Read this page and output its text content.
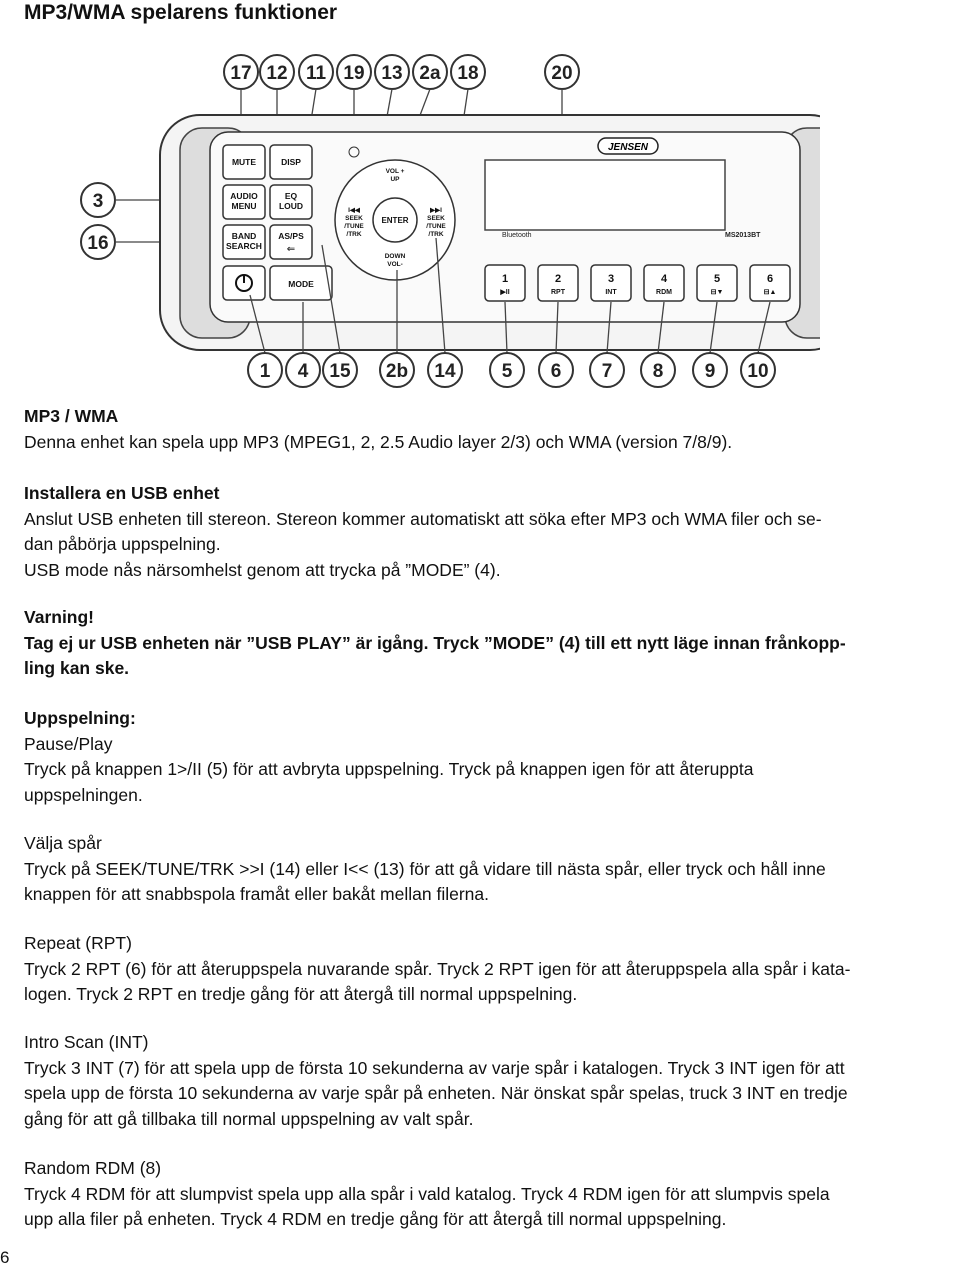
MP3/WMA spelarens funktioner
17 12 11 19 13 2a 18	20
3
16
MUTE	DISP
AUDIO
MENU
EQ
LOUD
BAND
SEARCH
AS/PS
MODE
⇐
VOL +
UP
ENTER
DOWN
VOL-
I◀◀
SEEK
/TUNE
/TRK
▶▶I
SEEK
/TUNE
/TRK
JENSEN
Bluetooth	MS2013BT
1	2	3	4	5	6
▶II	RPT	INT	RDM	⊟▼	⊟▲
1 4 15 2b 14 5 6 7 8 9 10

MP3 / WMA

Denna enhet kan spela upp MP3 (MPEG1, 2, 2.5 Audio layer 2/3) och WMA (version 7/8/9).

Installera en USB enhet

Anslut USB enheten till stereon. Stereon kommer automatiskt att söka efter MP3 och WMA filer och se-

dan påbörja uppspelning.

USB mode nås närsomhelst genom att trycka på ”MODE” (4).

Varning!

Tag ej ur USB enheten när ”USB PLAY” är igång. Tryck ”MODE” (4) till ett nytt läge innan frånkopp-

ling kan ske.

Uppspelning:

Pause/Play

Tryck på knappen 1>/II (5) för att avbryta uppspelning. Tryck på knappen igen för att återuppta

uppspelningen.

Välja spår

Tryck på SEEK/TUNE/TRK >>I (14) eller I<< (13) för att gå vidare till nästa spår, eller tryck och håll inne

knappen för att snabbspola framåt eller bakåt mellan filerna.

Repeat (RPT)

Tryck 2 RPT (6) för att återuppspela nuvarande spår. Tryck 2 RPT igen för att återuppspela alla spår i kata-

logen. Tryck 2 RPT en tredje gång för att återgå till normal uppspelning.

Intro Scan (INT)

Tryck 3 INT (7) för att spela upp de första 10 sekunderna av varje spår i katalogen. Tryck 3 INT igen för att

spela upp de första 10 sekunderna av varje spår på enheten. När önskat spår spelas, truck 3 INT en tredje

gång för att gå tillbaka till normal uppspelning av valt spår.

Random RDM (8)

Tryck 4 RDM för att slumpvist spela upp alla spår i vald katalog. Tryck 4 RDM igen för att slumpvis spela

upp alla filer på enheten. Tryck 4 RDM en tredje gång för att återgå till normal uppspelning.

6
